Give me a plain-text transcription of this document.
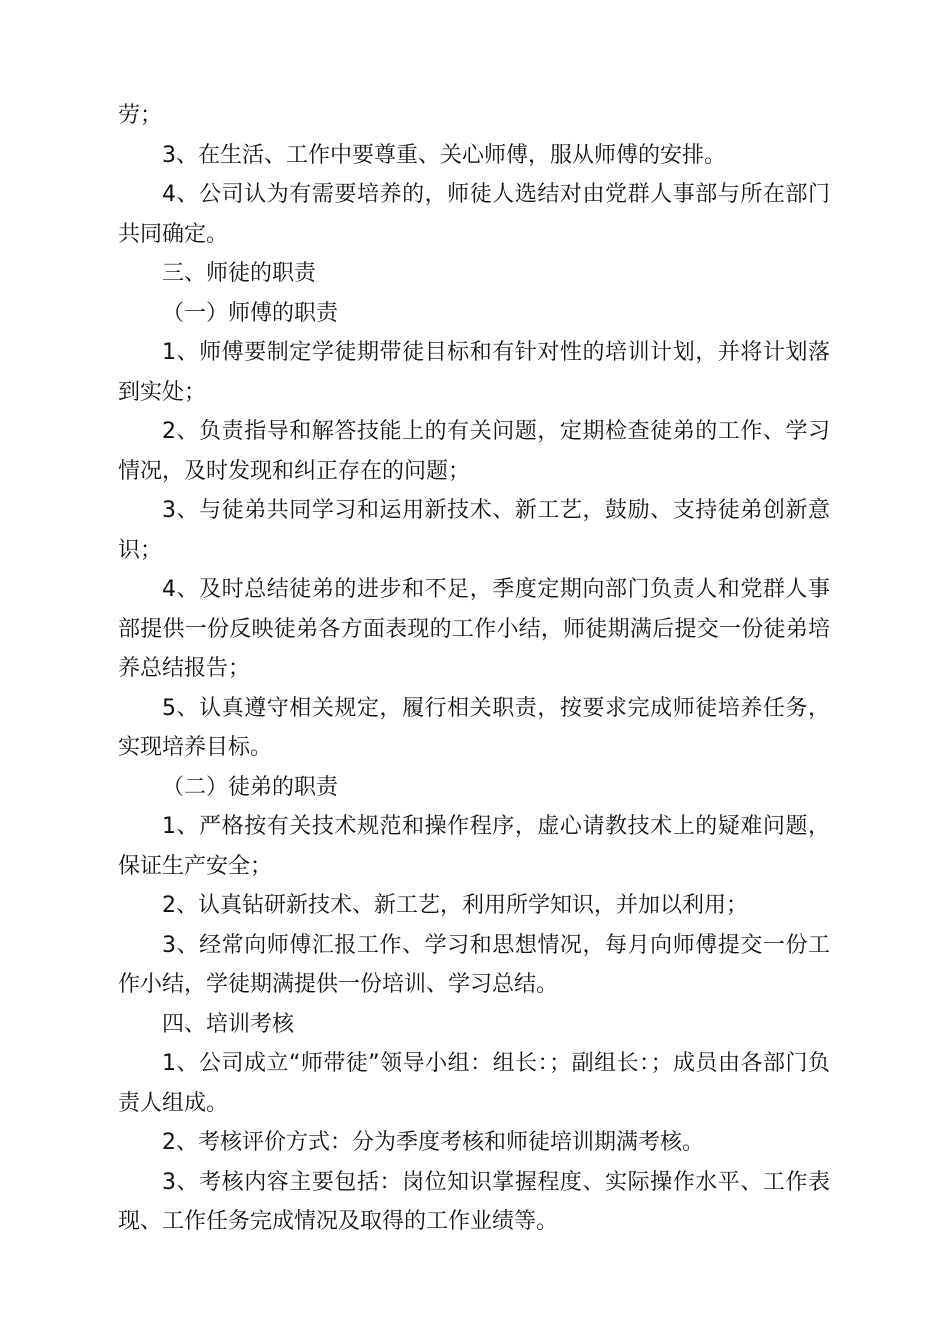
劳；

3、在生活、工作中要尊重、关心师傅，服从师傅的安排。

4、公司认为有需要培养的，师徒人选结对由党群人事部与所在部门共同确定。

三、师徒的职责

（一）师傅的职责

1、师傅要制定学徒期带徒目标和有针对性的培训计划，并将计划落到实处；

2、负责指导和解答技能上的有关问题，定期检查徒弟的工作、学习情况，及时发现和纠正存在的问题；

3、与徒弟共同学习和运用新技术、新工艺，鼓励、支持徒弟创新意识；

4、及时总结徒弟的进步和不足，季度定期向部门负责人和党群人事部提供一份反映徒弟各方面表现的工作小结，师徒期满后提交一份徒弟培养总结报告；

5、认真遵守相关规定，履行相关职责，按要求完成师徒培养任务，实现培养目标。

（二）徒弟的职责

1、严格按有关技术规范和操作程序，虚心请教技术上的疑难问题，保证生产安全；

2、认真钻研新技术、新工艺，利用所学知识，并加以利用；

3、经常向师傅汇报工作、学习和思想情况，每月向师傅提交一份工作小结，学徒期满提供一份培训、学习总结。

四、培训考核

1、公司成立“师带徒”领导小组：组长：；副组长：；成员由各部门负责人组成。

2、考核评价方式：分为季度考核和师徒培训期满考核。

3、考核内容主要包括：岗位知识掌握程度、实际操作水平、工作表现、工作任务完成情况及取得的工作业绩等。
